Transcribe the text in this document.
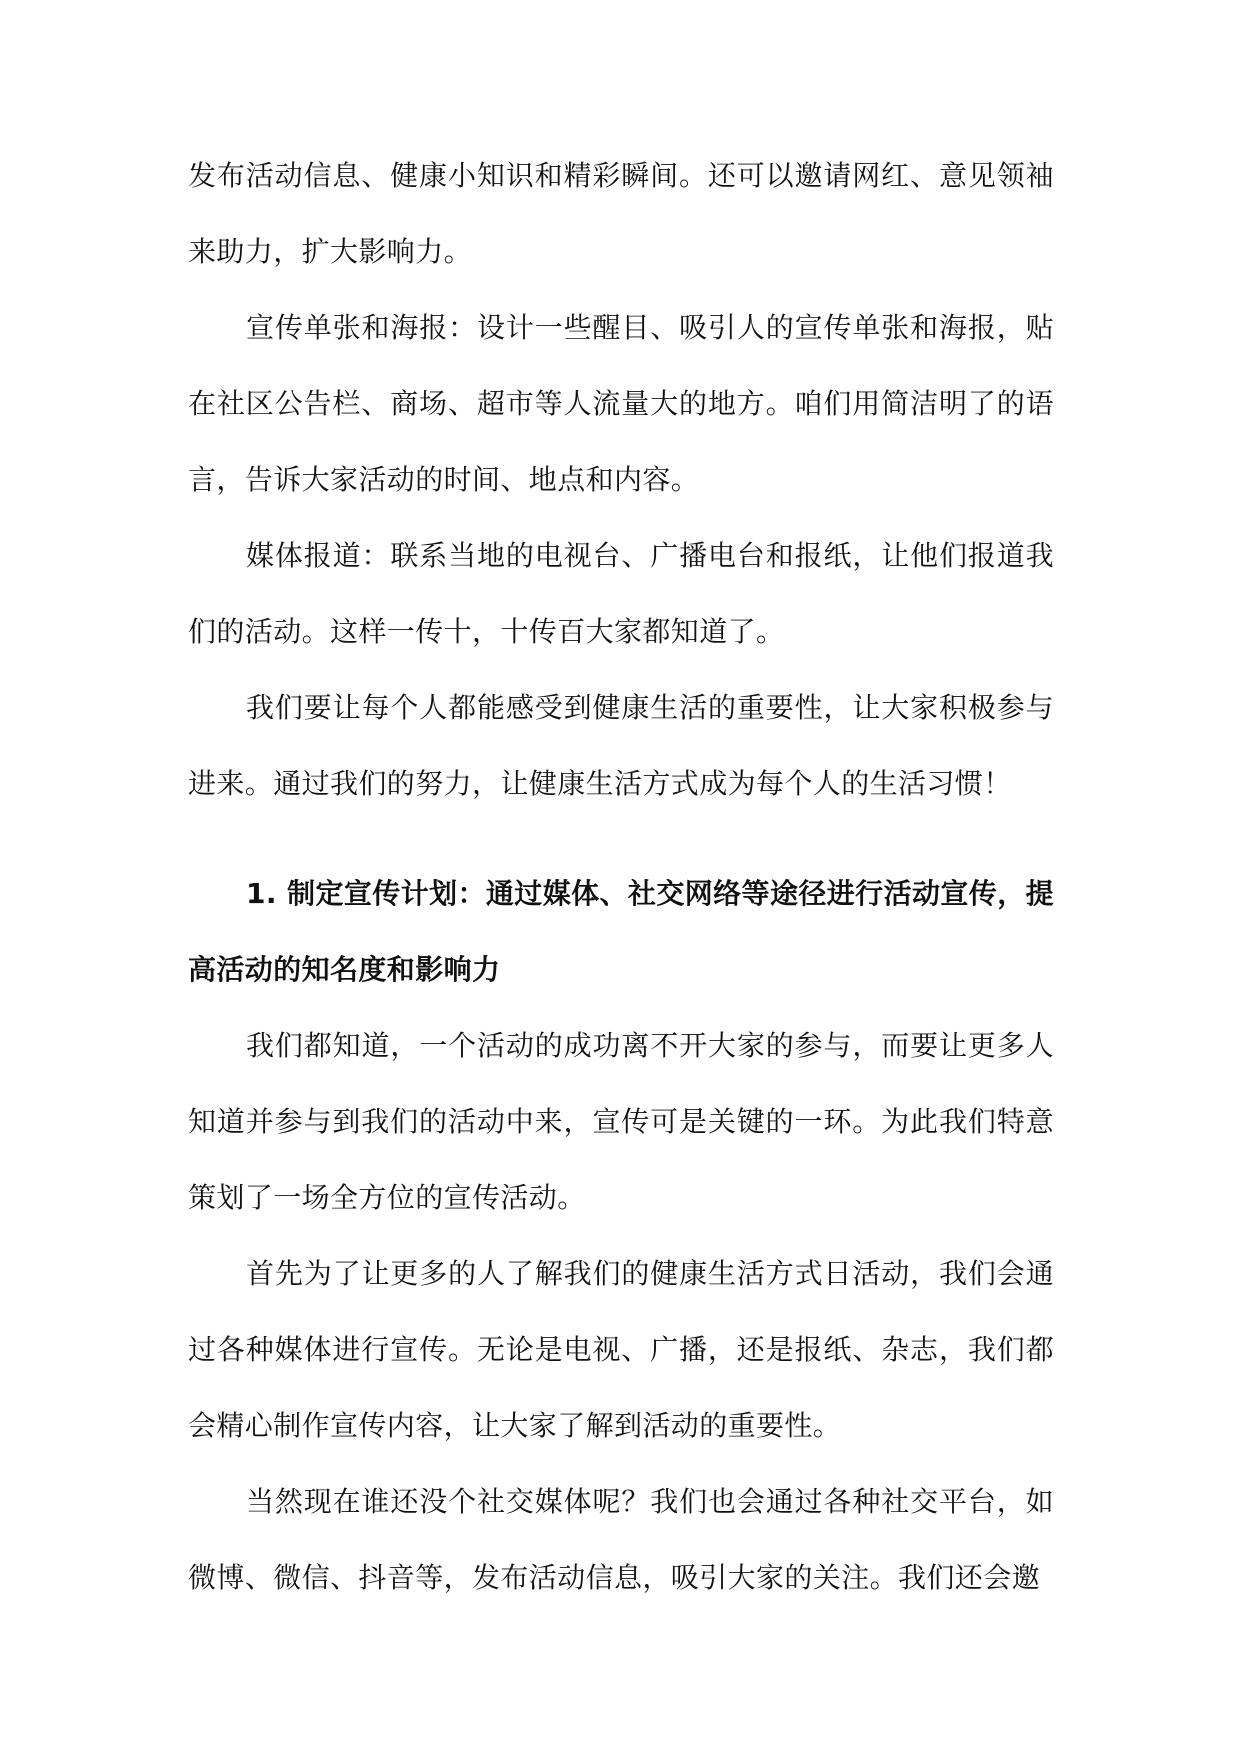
发布活动信息、健康小知识和精彩瞬间。还可以邀请网红、意见领袖来助力，扩大影响力。

宣传单张和海报：设计一些醒目、吸引人的宣传单张和海报，贴在社区公告栏、商场、超市等人流量大的地方。咱们用简洁明了的语言，告诉大家活动的时间、地点和内容。

媒体报道：联系当地的电视台、广播电台和报纸，让他们报道我们的活动。这样一传十，十传百大家都知道了。

我们要让每个人都能感受到健康生活的重要性，让大家积极参与进来。通过我们的努力，让健康生活方式成为每个人的生活习惯！

1. 制定宣传计划：通过媒体、社交网络等途径进行活动宣传，提高活动的知名度和影响力

我们都知道，一个活动的成功离不开大家的参与，而要让更多人知道并参与到我们的活动中来，宣传可是关键的一环。为此我们特意策划了一场全方位的宣传活动。

首先为了让更多的人了解我们的健康生活方式日活动，我们会通过各种媒体进行宣传。无论是电视、广播，还是报纸、杂志，我们都会精心制作宣传内容，让大家了解到活动的重要性。

当然现在谁还没个社交媒体呢？我们也会通过各种社交平台，如微博、微信、抖音等，发布活动信息，吸引大家的关注。我们还会邀
